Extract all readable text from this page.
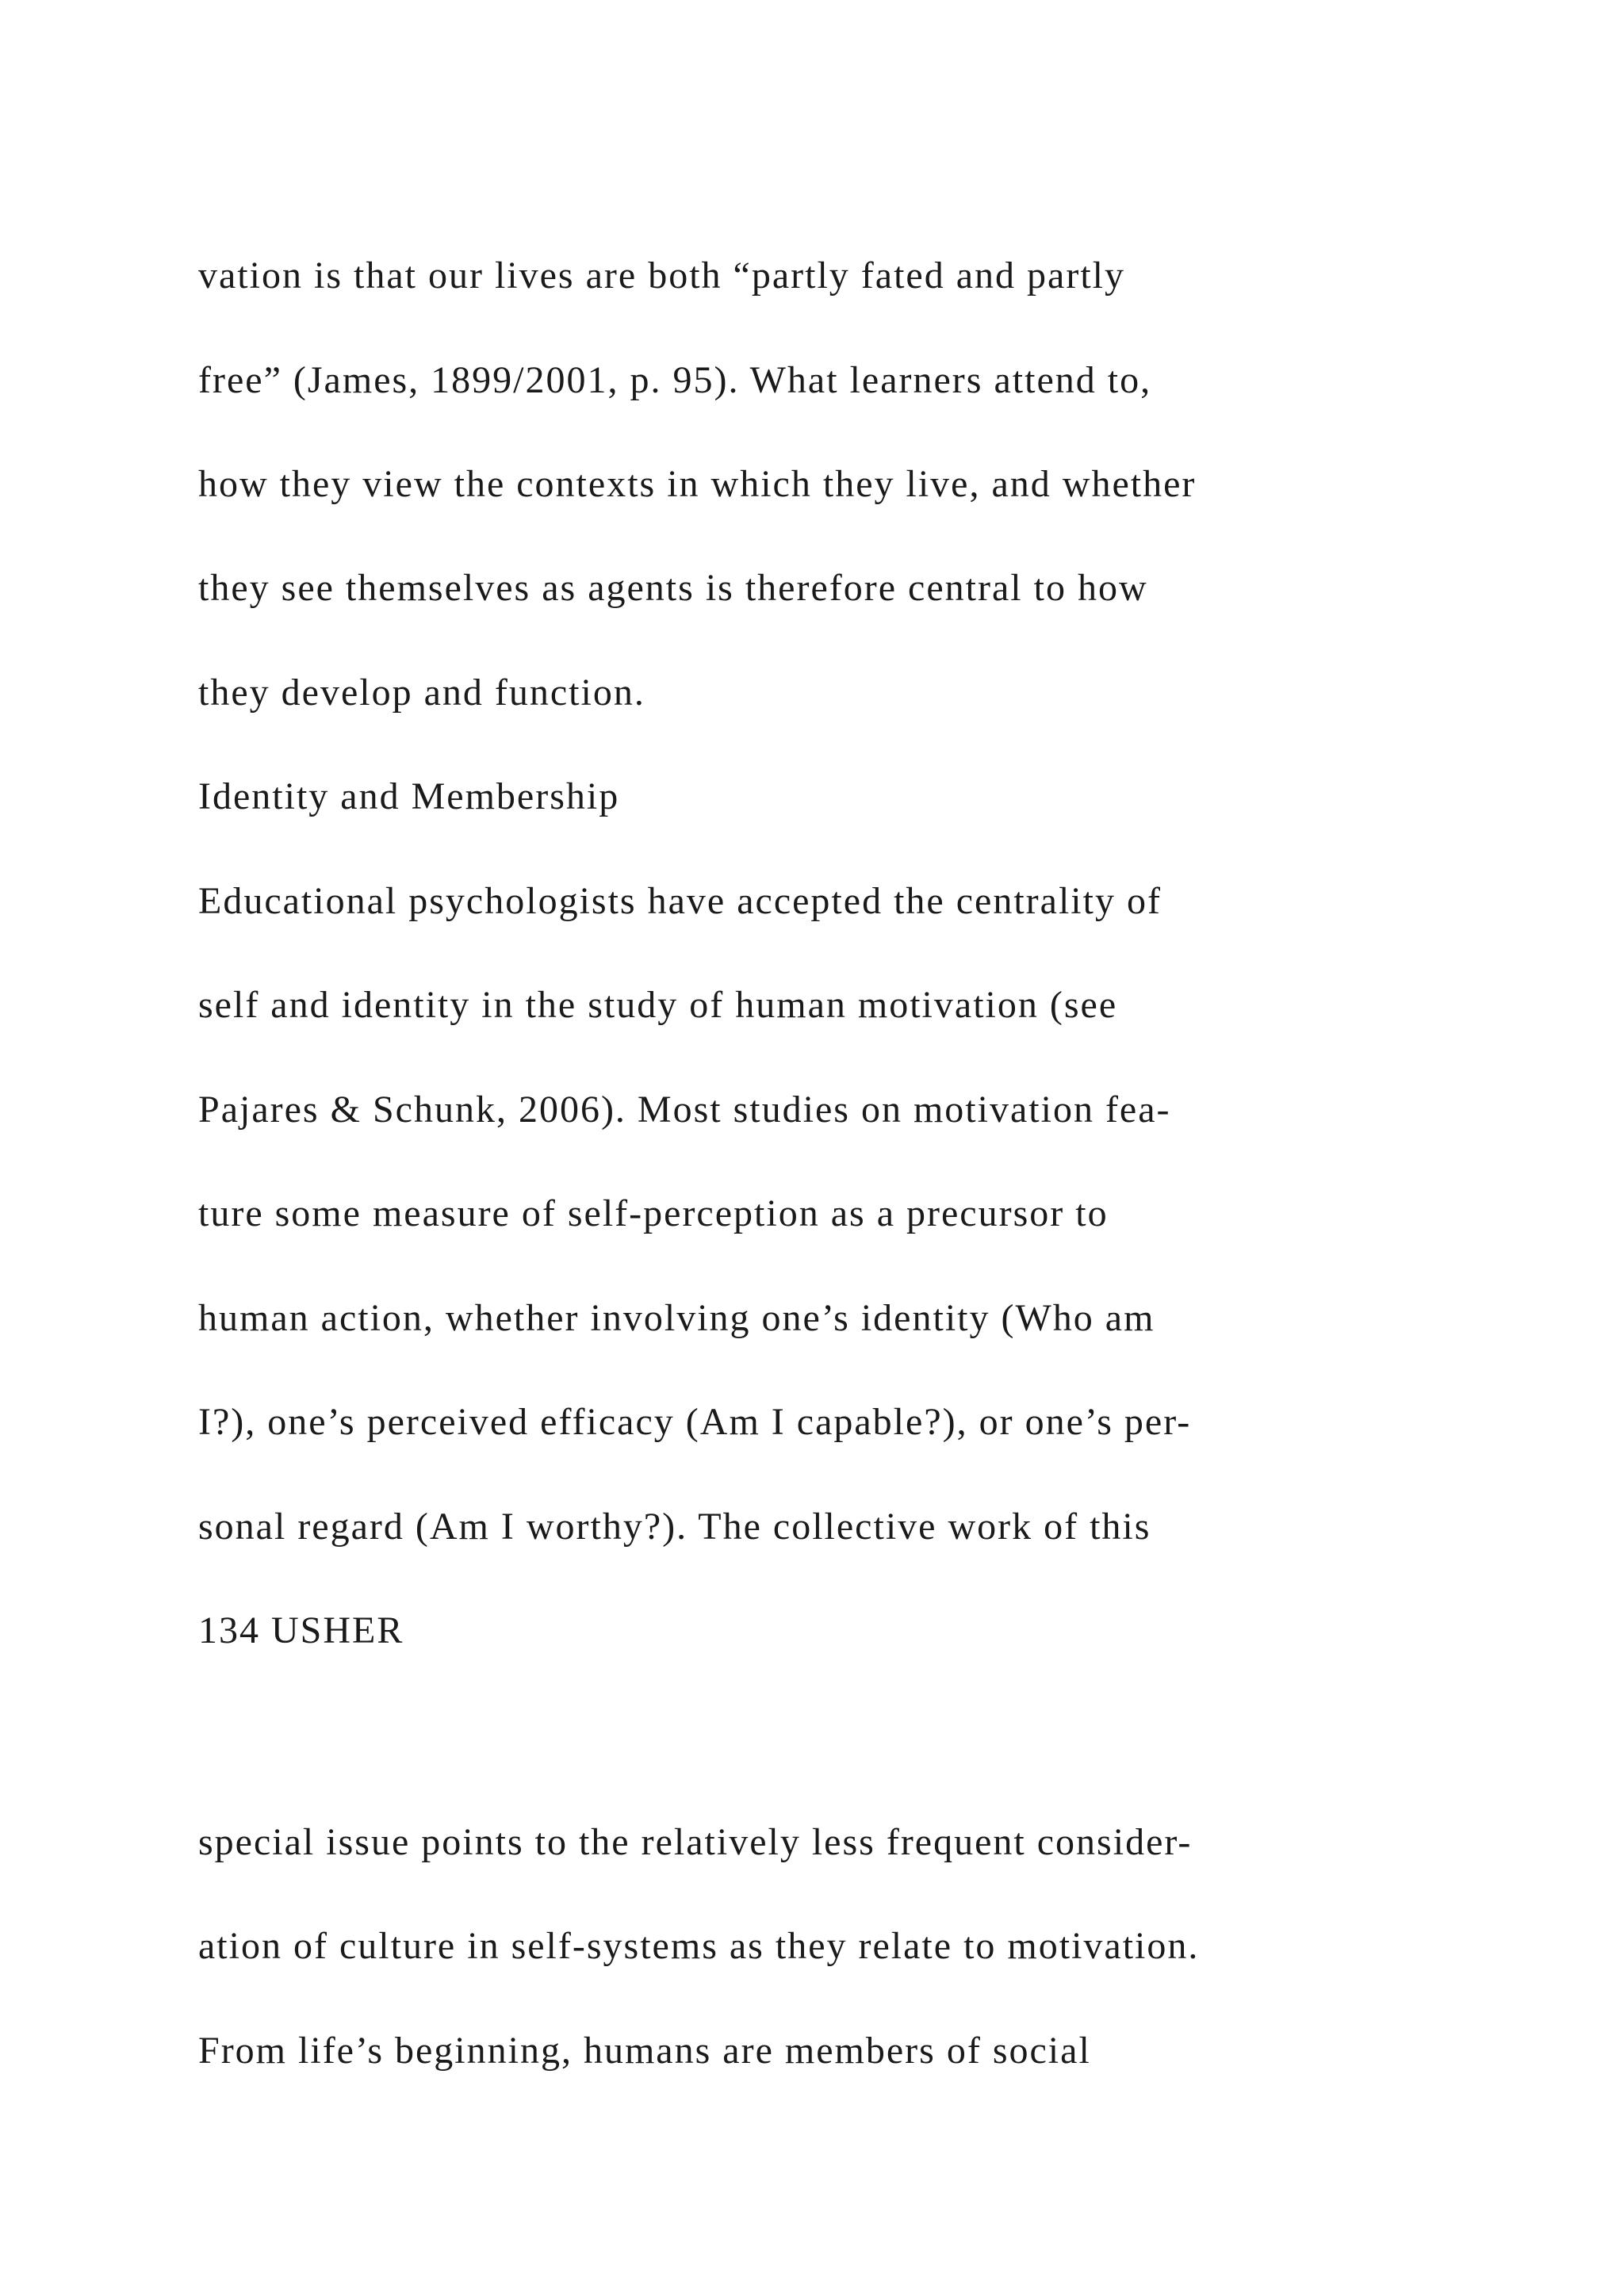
vation is that our lives are both “partly fated and partly

free” (James, 1899/2001, p. 95). What learners attend to,

how they view the contexts in which they live, and whether

they see themselves as agents is therefore central to how

they develop and function.

Identity and Membership

Educational psychologists have accepted the centrality of

self and identity in the study of human motivation (see

Pajares & Schunk, 2006). Most studies on motivation fea-

ture some measure of self-perception as a precursor to

human action, whether involving one’s identity (Who am

I?), one’s perceived efficacy (Am I capable?), or one’s per-

sonal regard (Am I worthy?). The collective work of this

134 USHER

special issue points to the relatively less frequent consider-

ation of culture in self-systems as they relate to motivation.

From life’s beginning, humans are members of social
